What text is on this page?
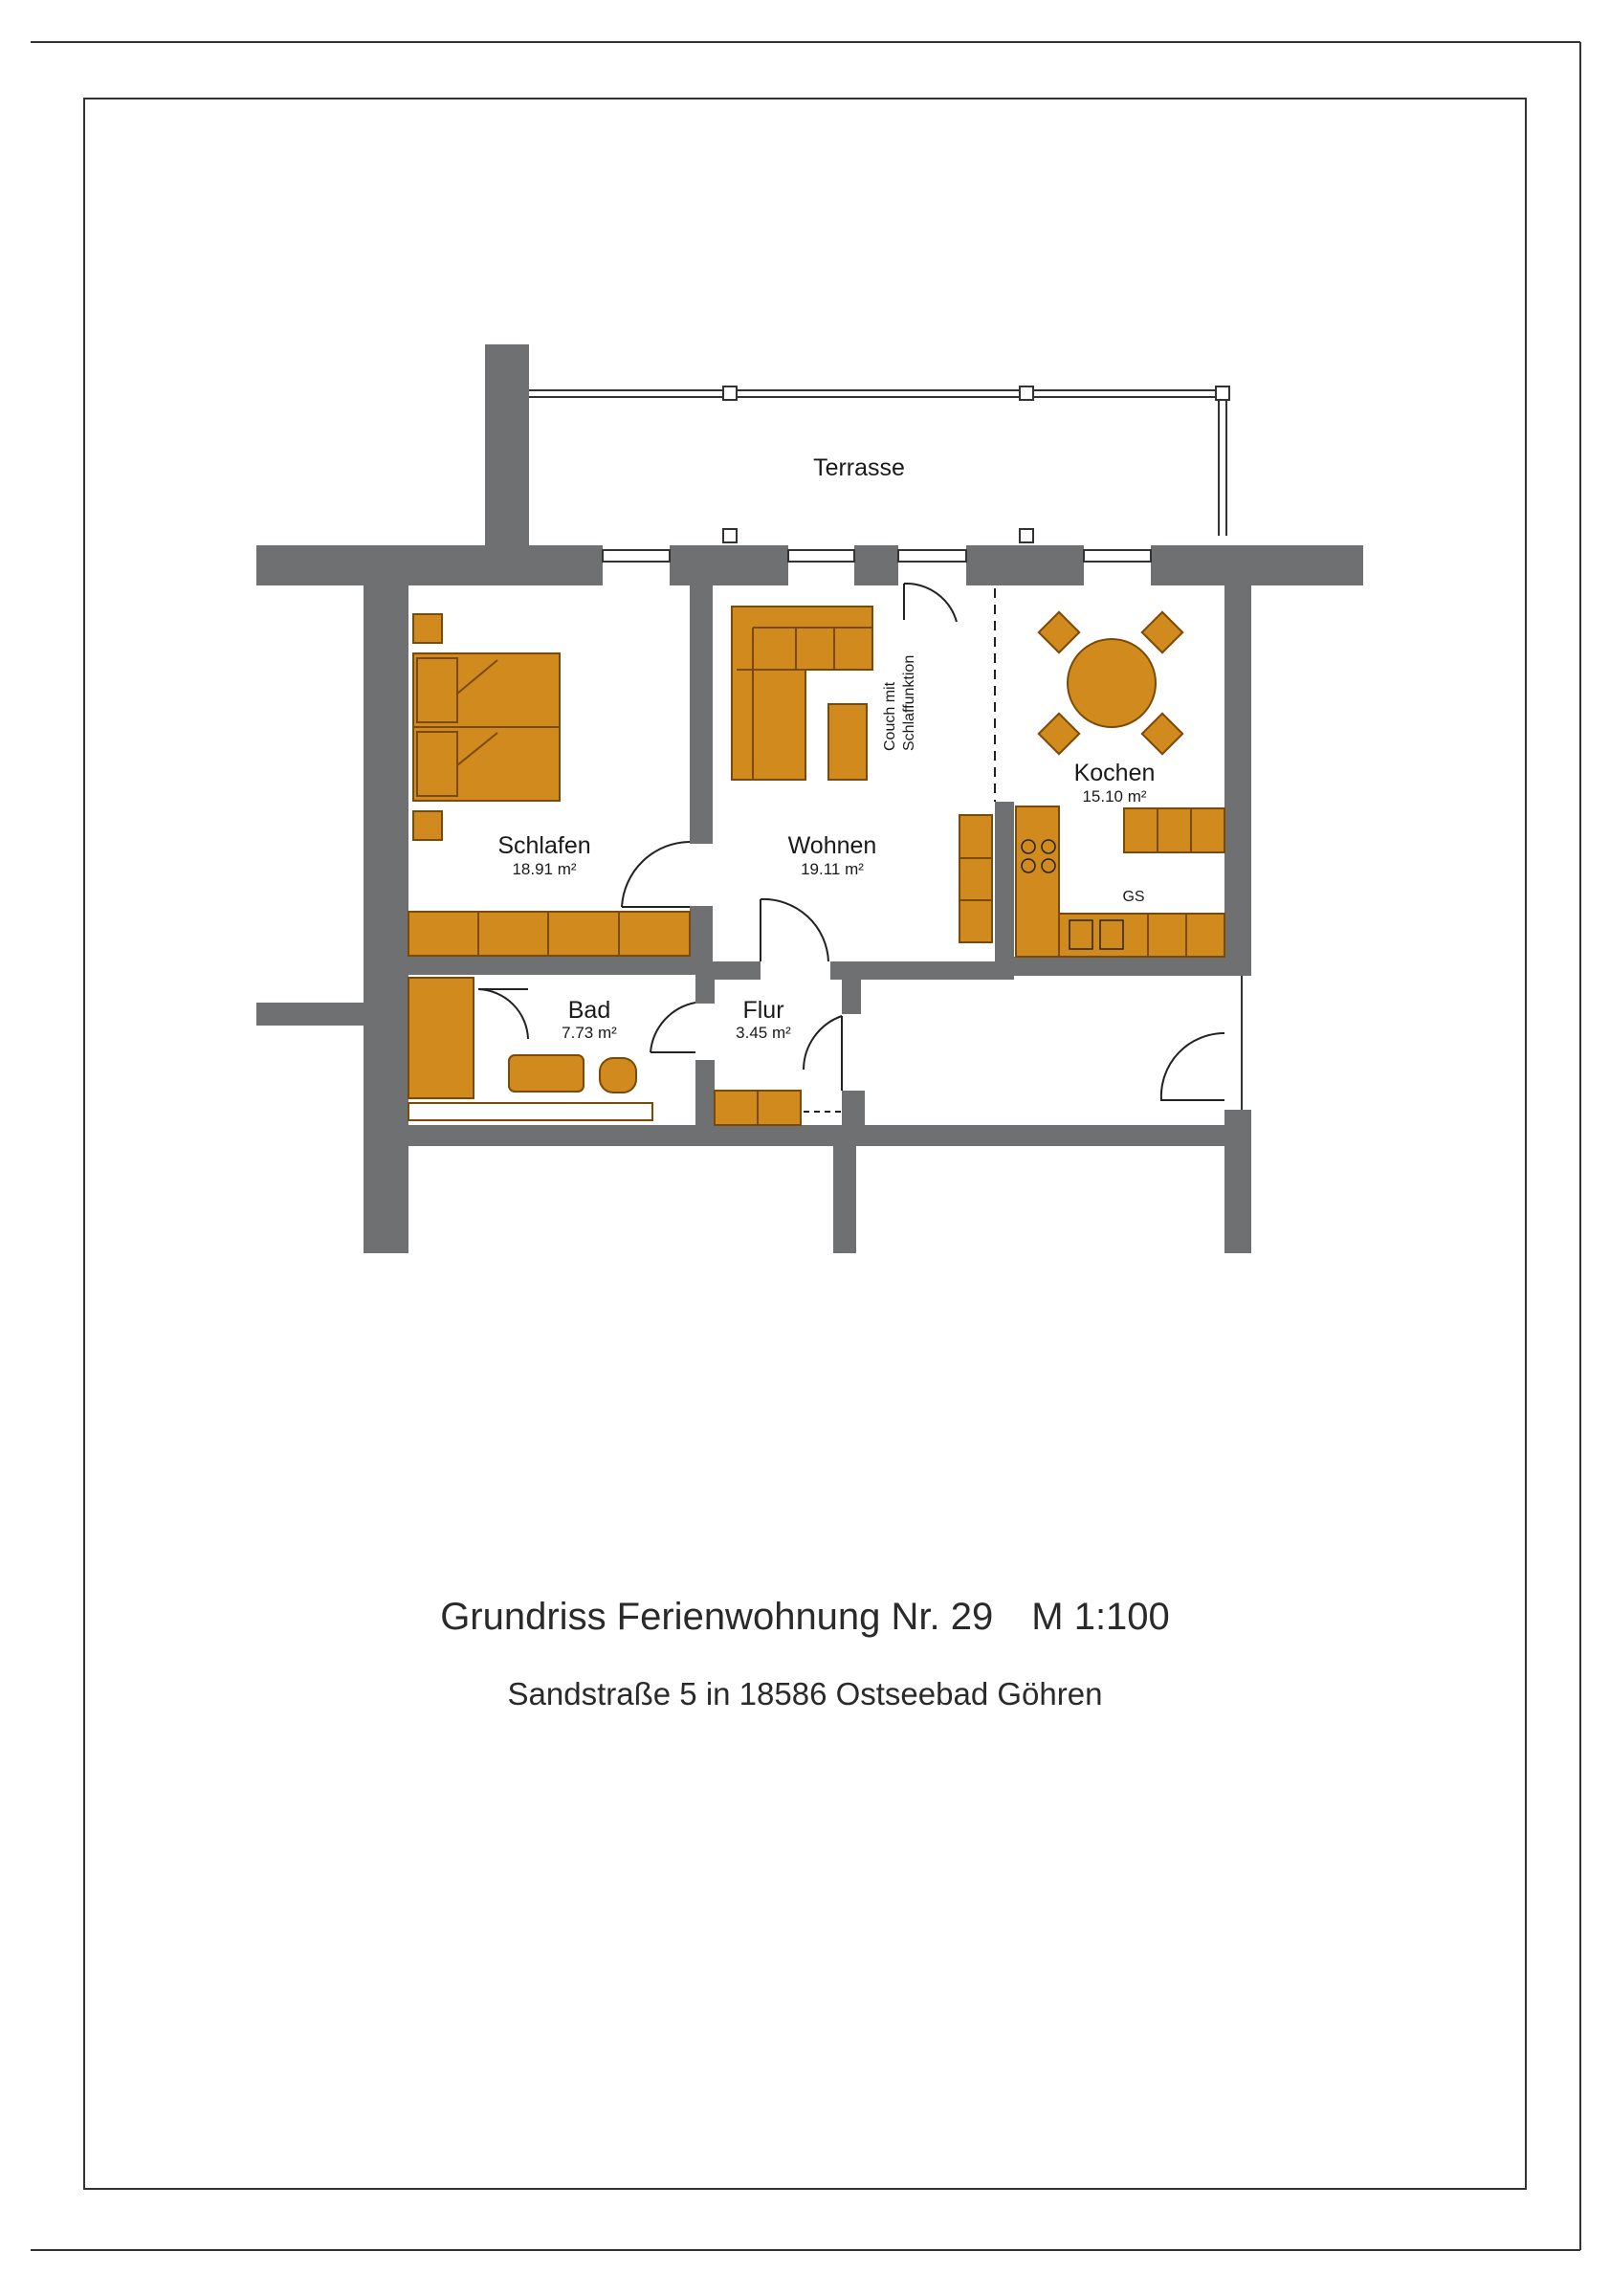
Terrasse
Schlafen
18.91 m²
Wohnen
19.11 m²
Kochen
15.10 m²
Bad
7.73 m²
Flur
3.45 m²
Couch mit Schlaffunktion
GS
Grundriss Ferienwohnung Nr. 29 M 1:100
Sandstraße 5 in 18586 Ostseebad Göhren
